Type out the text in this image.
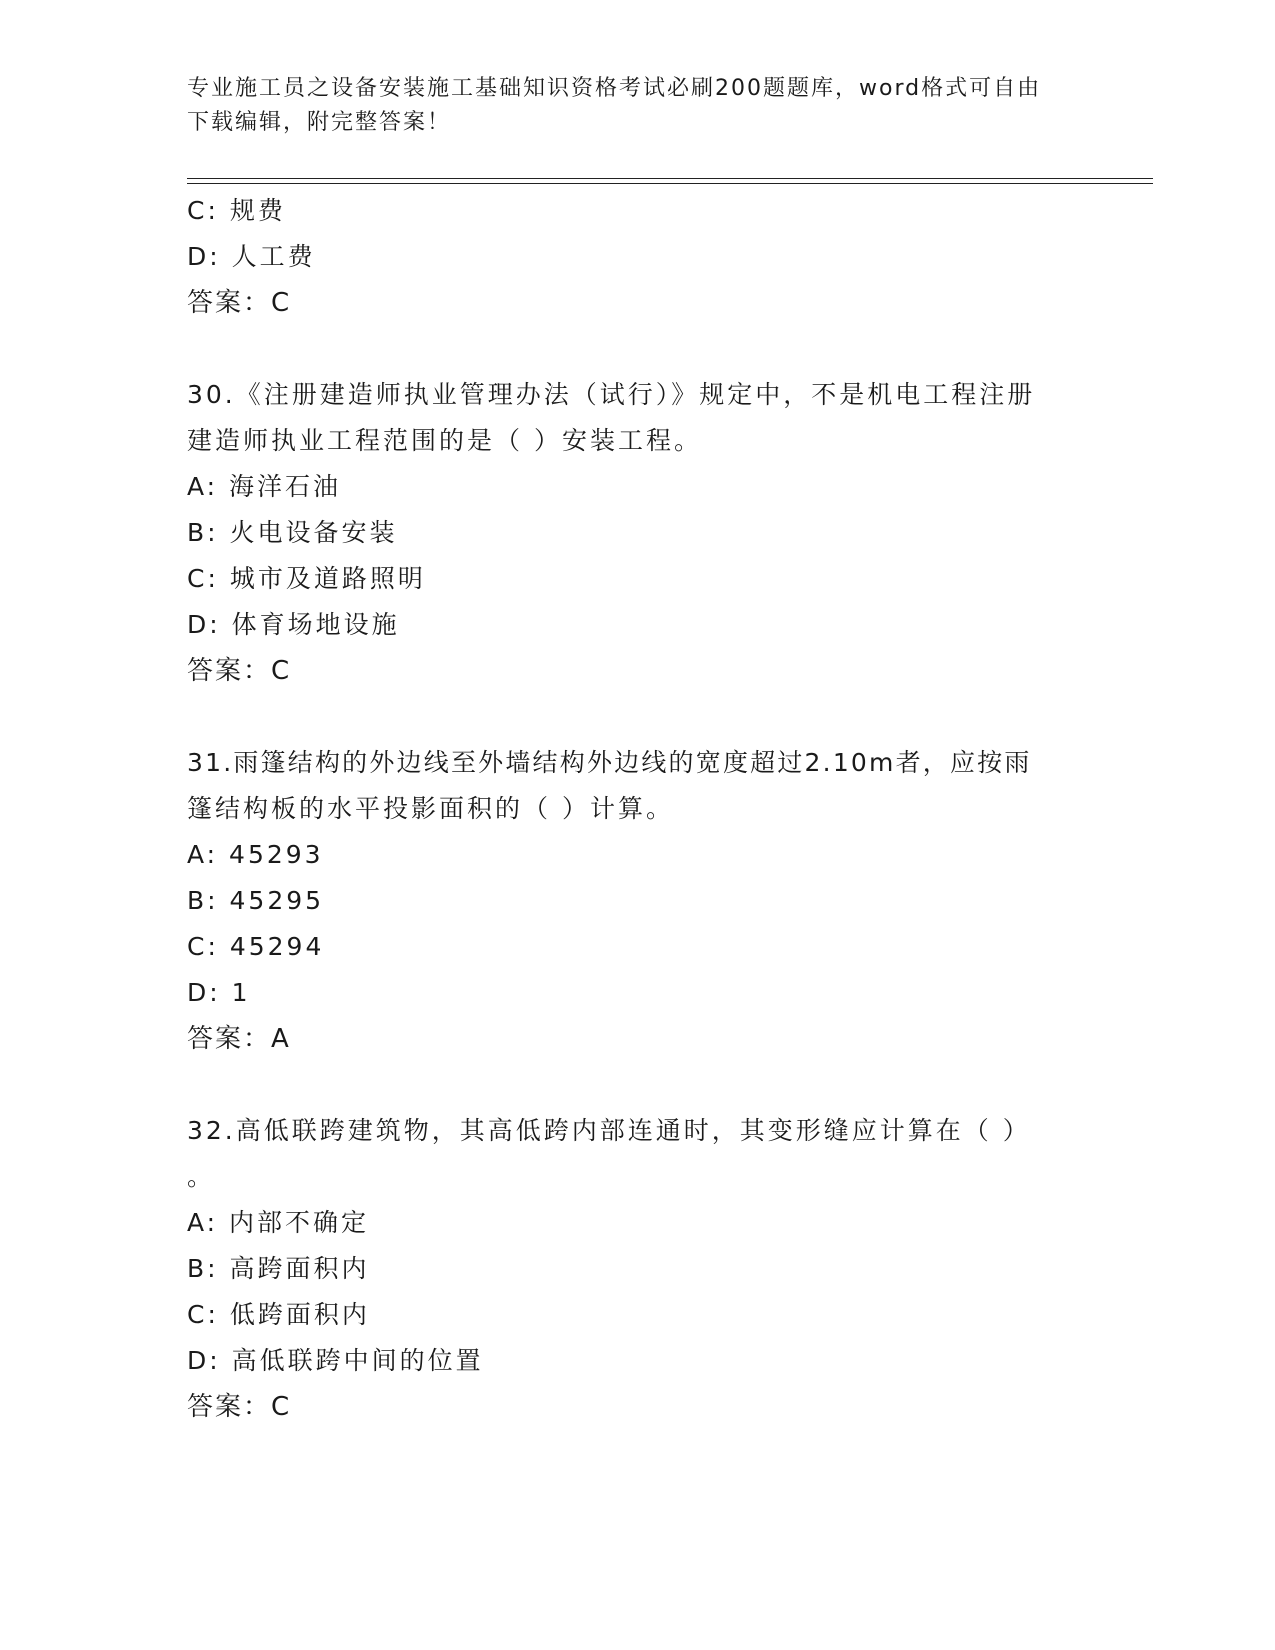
专业施工员之设备安装施工基础知识资格考试必刷200题题库，word格式可自由
下载编辑，附完整答案！
C: 规费
D: 人工费
答案：C
30.《注册建造师执业管理办法（试行）》规定中，不是机电工程注册
建造师执业工程范围的是（ ）安装工程。
A: 海洋石油
B: 火电设备安装
C: 城市及道路照明
D: 体育场地设施
答案：C
31.雨篷结构的外边线至外墙结构外边线的宽度超过2.10m者，应按雨
篷结构板的水平投影面积的（ ）计算。
A: 45293
B: 45295
C: 45294
D: 1
答案：A
32.高低联跨建筑物，其高低跨内部连通时，其变形缝应计算在（ ）
。
A: 内部不确定
B: 高跨面积内
C: 低跨面积内
D: 高低联跨中间的位置
答案：C
